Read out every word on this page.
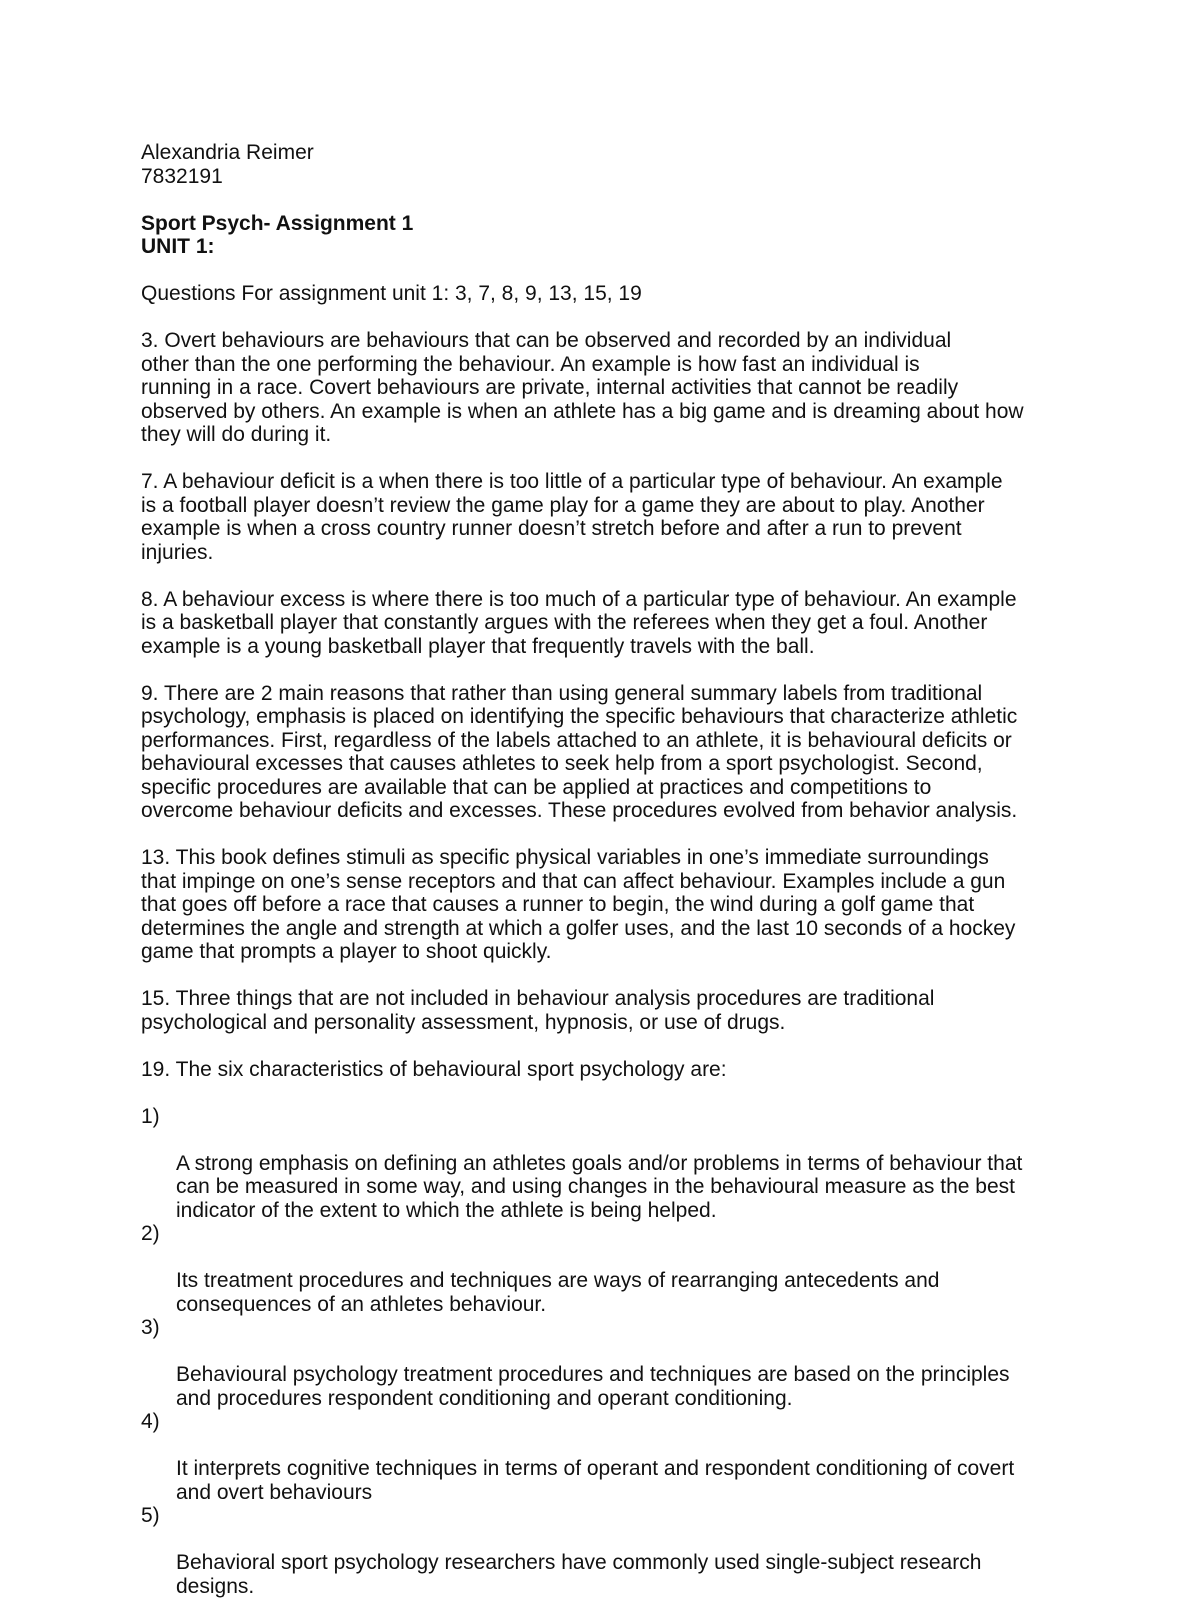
Alexandria Reimer

7832191

Sport Psych- Assignment 1

UNIT 1:

Questions For assignment unit 1: 3, 7, 8, 9, 13, 15, 19

3. Overt behaviours are behaviours that can be observed and recorded by an individual
other than the one performing the behaviour. An example is how fast an individual is
running in a race. Covert behaviours are private, internal activities that cannot be readily
observed by others. An example is when an athlete has a big game and is dreaming about how
they will do during it.

7. A behaviour deficit is a when there is too little of a particular type of behaviour. An example
is a football player doesn’t review the game play for a game they are about to play. Another
example is when a cross country runner doesn’t stretch before and after a run to prevent
injuries.

8. A behaviour excess is where there is too much of a particular type of behaviour. An example
is a basketball player that constantly argues with the referees when they get a foul. Another
example is a young basketball player that frequently travels with the ball.

9. There are 2 main reasons that rather than using general summary labels from traditional
psychology, emphasis is placed on identifying the specific behaviours that characterize athletic
performances. First, regardless of the labels attached to an athlete, it is behavioural deficits or
behavioural excesses that causes athletes to seek help from a sport psychologist. Second,
specific procedures are available that can be applied at practices and competitions to
overcome behaviour deficits and excesses. These procedures evolved from behavior analysis.

13. This book defines stimuli as specific physical variables in one’s immediate surroundings
that impinge on one’s sense receptors and that can affect behaviour. Examples include a gun
that goes off before a race that causes a runner to begin, the wind during a golf game that
determines the angle and strength at which a golfer uses, and the last 10 seconds of a hockey
game that prompts a player to shoot quickly.

15. Three things that are not included in behaviour analysis procedures are traditional
psychological and personality assessment, hypnosis, or use of drugs.

19. The six characteristics of behavioural sport psychology are:

1)

A strong emphasis on defining an athletes goals and/or problems in terms of behaviour that
can be measured in some way, and using changes in the behavioural measure as the best
indicator of the extent to which the athlete is being helped.

2)

Its treatment procedures and techniques are ways of rearranging antecedents and
consequences of an athletes behaviour.

3)

Behavioural psychology treatment procedures and techniques are based on the principles
and procedures respondent conditioning and operant conditioning.

4)

It interprets cognitive techniques in terms of operant and respondent conditioning of covert
and overt behaviours

5)

Behavioral sport psychology researchers have commonly used single-subject research
designs.
